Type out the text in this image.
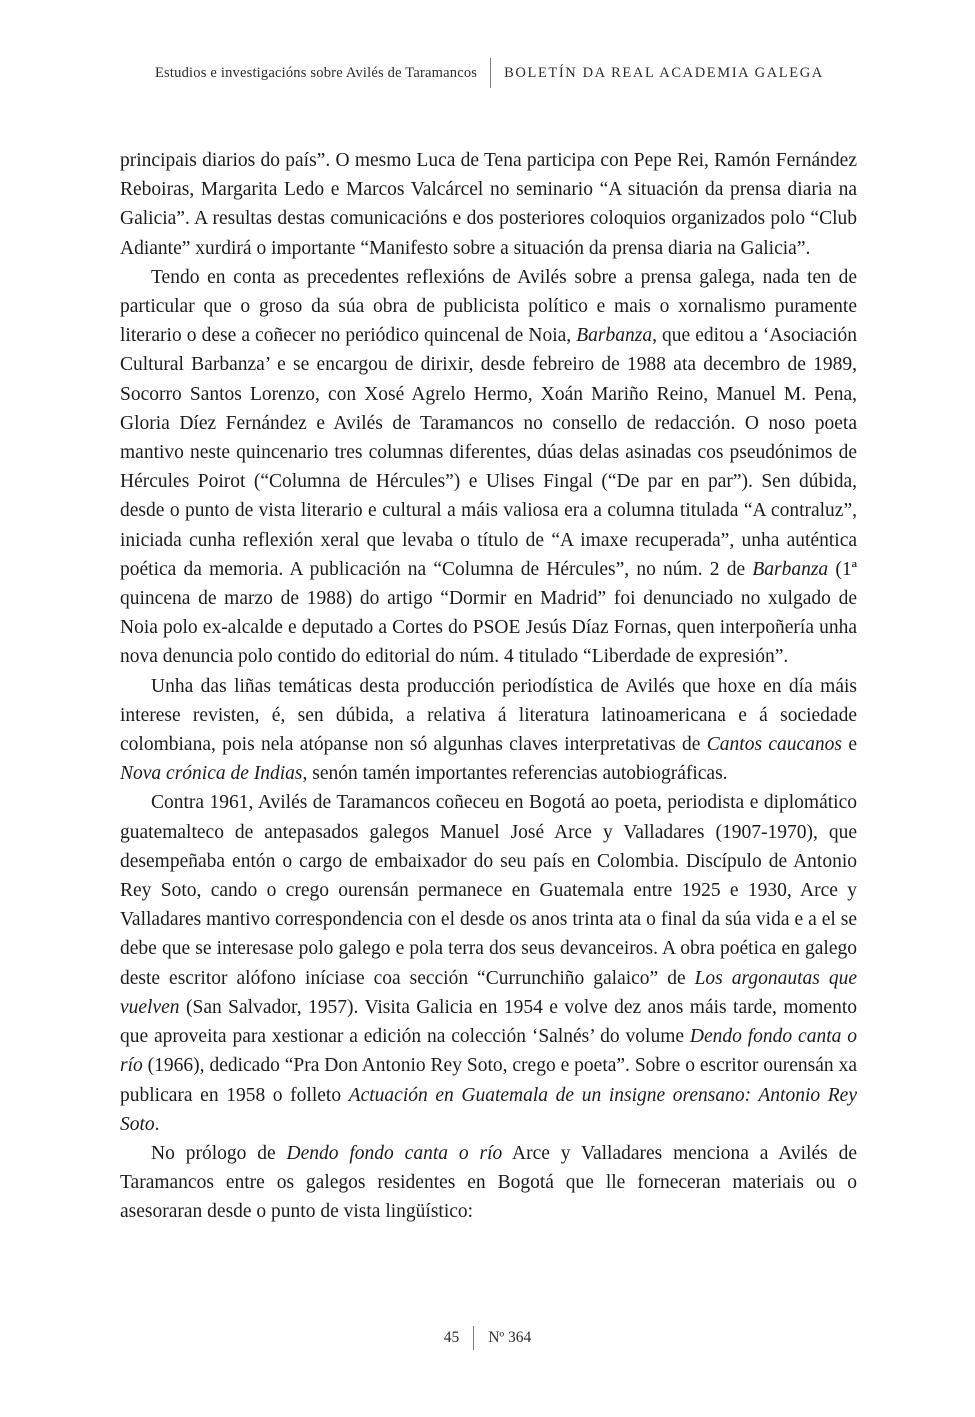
Estudios e investigacións sobre Avilés de Taramancos BOLETÍN DA REAL ACADEMIA GALEGA

principais diarios do país”. O mesmo Luca de Tena participa con Pepe Rei, Ramón Fernández Reboiras, Margarita Ledo e Marcos Valcárcel no seminario “A situación da prensa diaria na Galicia”. A resultas destas comunicacións e dos posteriores coloquios organizados polo “Club Adiante” xurdirá o importante “Manifesto sobre a situación da prensa diaria na Galicia”.

Tendo en conta as precedentes reflexións de Avilés sobre a prensa galega, nada ten de particular que o groso da súa obra de publicista político e mais o xornalismo puramente literario o dese a coñecer no periódico quincenal de Noia, Barbanza, que editou a ‘Asociación Cultural Barbanza’ e se encargou de dirixir, desde febreiro de 1988 ata decembro de 1989, Socorro Santos Lorenzo, con Xosé Agrelo Hermo, Xoán Mariño Reino, Manuel M. Pena, Gloria Díez Fernández e Avilés de Taramancos no consello de redacción. O noso poeta mantivo neste quincenario tres columnas diferentes, dúas delas asinadas cos pseudónimos de Hércules Poirot (“Columna de Hércules”) e Ulises Fingal (“De par en par”). Sen dúbida, desde o punto de vista literario e cultural a máis valiosa era a columna titulada “A contraluz”, iniciada cunha reflexión xeral que levaba o título de “A imaxe recuperada”, unha auténtica poética da memoria. A publicación na “Columna de Hércules”, no núm. 2 de Barbanza (1ª quincena de marzo de 1988) do artigo “Dormir en Madrid” foi denunciado no xulgado de Noia polo ex-alcalde e deputado a Cortes do PSOE Jesús Díaz Fornas, quen interpoñería unha nova denuncia polo contido do editorial do núm. 4 titulado “Liberdade de expresión”.

Unha das liñas temáticas desta producción periodística de Avilés que hoxe en día máis interese revisten, é, sen dúbida, a relativa á literatura latinoamericana e á sociedade colombiana, pois nela atópanse non só algunhas claves interpretativas de Cantos caucanos e Nova crónica de Indias, senón tamén importantes referencias autobiográficas.

Contra 1961, Avilés de Taramancos coñeceu en Bogotá ao poeta, periodista e diplomático guatemalteco de antepasados galegos Manuel José Arce y Valladares (1907-1970), que desempeñaba entón o cargo de embaixador do seu país en Colombia. Discípulo de Antonio Rey Soto, cando o crego ourensán permanece en Guatemala entre 1925 e 1930, Arce y Valladares mantivo correspondencia con el desde os anos trinta ata o final da súa vida e a el se debe que se interesase polo galego e pola terra dos seus devanceiros. A obra poética en galego deste escritor alófono iníciase coa sección “Currunchiño galaico” de Los argonautas que vuelven (San Salvador, 1957). Visita Galicia en 1954 e volve dez anos máis tarde, momento que aproveita para xestionar a edición na colección ‘Salnés’ do volume Dendo fondo canta o río (1966), dedicado “Pra Don Antonio Rey Soto, crego e poeta”. Sobre o escritor ourensán xa publicara en 1958 o folleto Actuación en Guatemala de un insigne orensano: Antonio Rey Soto.

No prólogo de Dendo fondo canta o río Arce y Valladares menciona a Avilés de Taramancos entre os galegos residentes en Bogotá que lle forneceran materiais ou o asesoraran desde o punto de vista lingüístico:

45 Nº 364
